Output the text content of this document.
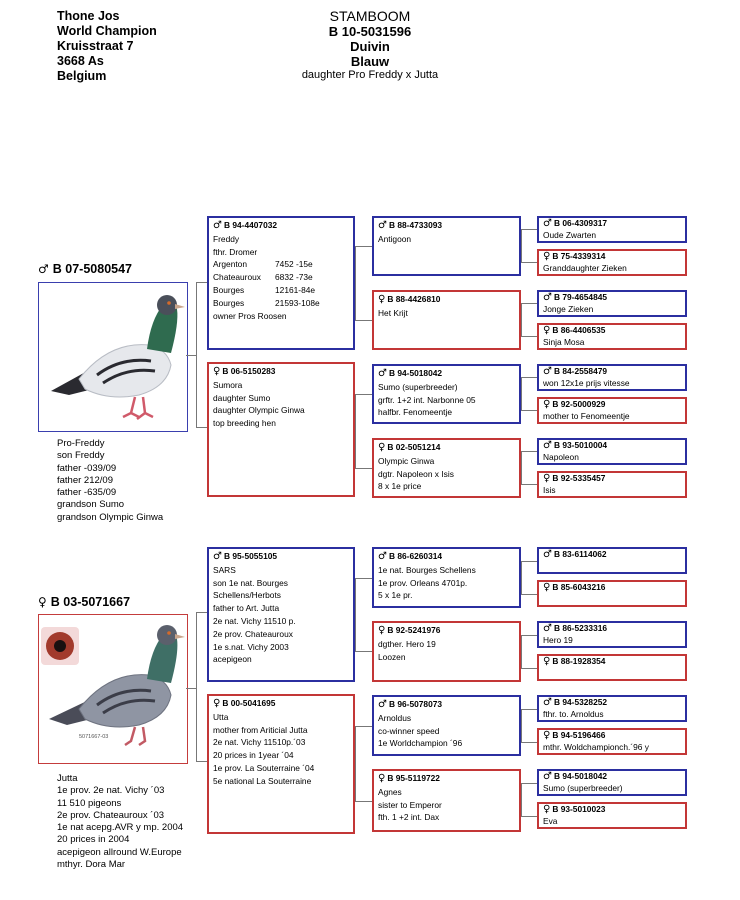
Thone Jos
World Champion
Kruisstraat 7
3668 As
Belgium
STAMBOOM
B 10-5031596
Duivin
Blauw
daughter Pro Freddy x Jutta
♂ B 07-5080547
Pro-Freddy
son Freddy
father -039/09
father 212/09
father -635/09
grandson Sumo
grandson Olympic Ginwa
♀ B 03-5071667
5071667-03
Jutta
1e prov. 2e nat. Vichy ´03
11 510 pigeons
2e prov. Chateauroux ´03
1e nat acepg.AVR y mp. 2004
20 prices in 2004
acepigeon allround W.Europe
mthyr. Dora Mar
♂ B 94-4407032
Freddy
fthr. Dromer
Argenton	7452 -15e
Chateauroux	6832 -73e
Bourges	12161-84e
Bourges	21593-108e
owner Pros Roosen
♀ B 06-5150283
Sumora
daughter Sumo
daughter Olympic Ginwa
top breeding hen
♂ B 95-5055105
SARS
son 1e nat. Bourges
Schellens/Herbots
father to Art. Jutta
2e nat. Vichy 11510 p.
2e prov. Chateauroux
1e s.nat. Vichy 2003
acepigeon
♀ B 00-5041695
Utta
mother from Ariticial Jutta
2e nat. Vichy 11510p.´03
20 prices in 1year ´04
1e prov. La Souterraine ´04
5e national La Souterraine
♂ B 88-4733093
Antigoon
♀ B 88-4426810
Het Krijt
♂ B 94-5018042
Sumo (superbreeder)
grftr. 1+2 int. Narbonne 05
halfbr. Fenomeentje
♀ B 02-5051214
Olympic Ginwa
dgtr. Napoleon x Isis
8 x 1e price
♂ B 86-6260314
1e nat. Bourges Schellens
1e prov. Orleans 4701p.
5 x 1e pr.
♀ B 92-5241976
dgther. Hero 19
Loozen
♂ B 96-5078073
Arnoldus
co-winner speed
1e Worldchampion ´96
♀ B 95-5119722
Agnes
sister to Emperor
fth. 1 +2 int. Dax
♂ B 06-4309317
Oude Zwarten
♀ B 75-4339314
Granddaughter Zieken
♂ B 79-4654845
Jonge Zieken
♀ B 86-4406535
Sinja Mosa
♂ B 84-2558479
won 12x1e prijs vitesse
♀ B 92-5000929
mother to Fenomeentje
♂ B 93-5010004
Napoleon
♀ B 92-5335457
Isis
♂ B 83-6114062
♀ B 85-6043216
♂ B 86-5233316
Hero 19
♀ B 88-1928354
♂ B 94-5328252
fthr. to. Arnoldus
♀ B 94-5196466
mthr. Woldchampionch.´96 y
♂ B 94-5018042
Sumo (superbreeder)
♀ B 93-5010023
Eva
